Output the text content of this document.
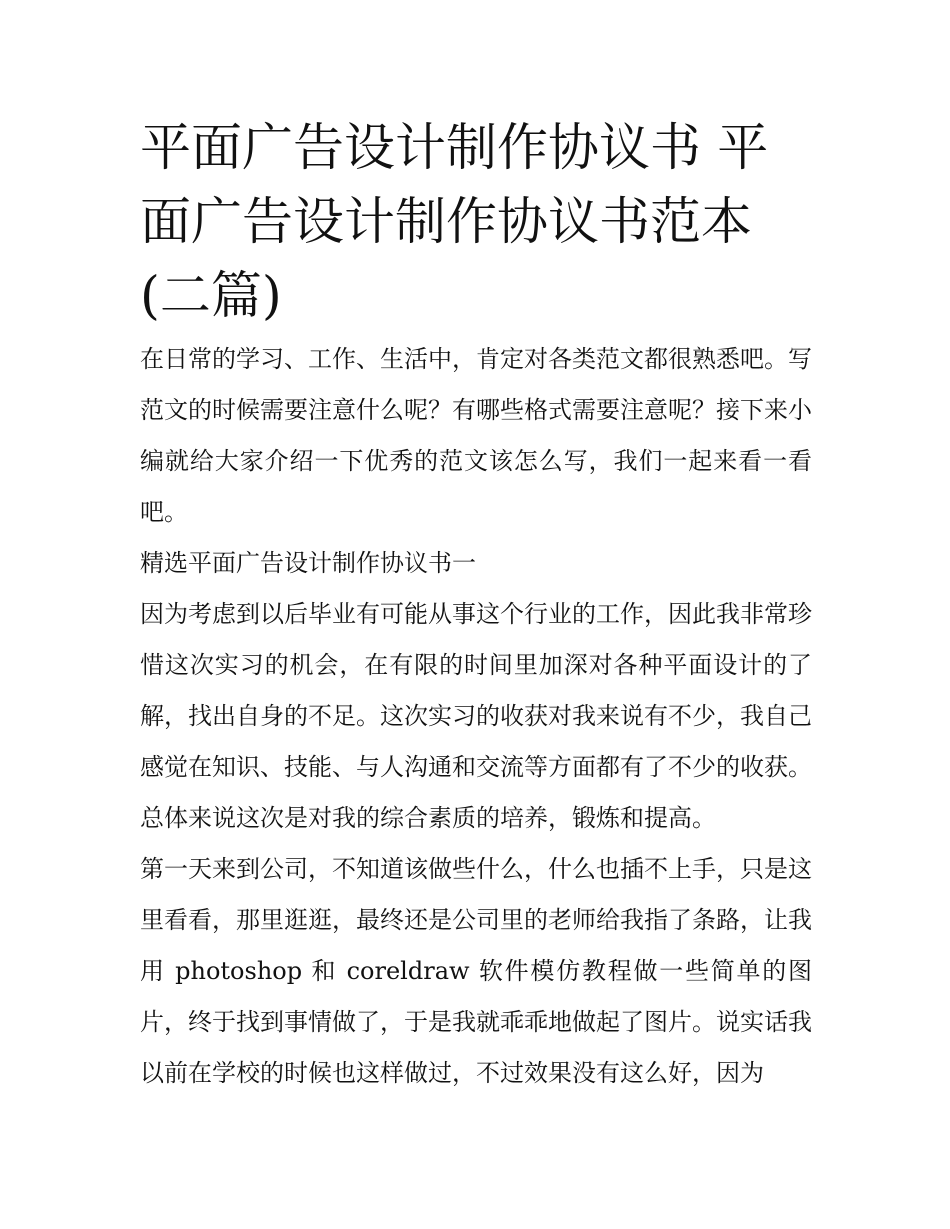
平面广告设计制作协议书 平面广告设计制作协议书范本(二篇)

在日常的学习、工作、生活中，肯定对各类范文都很熟悉吧。写范文的时候需要注意什么呢？有哪些格式需要注意呢？接下来小编就给大家介绍一下优秀的范文该怎么写，我们一起来看一看吧。

精选平面广告设计制作协议书一

因为考虑到以后毕业有可能从事这个行业的工作，因此我非常珍惜这次实习的机会，在有限的时间里加深对各种平面设计的了解，找出自身的不足。这次实习的收获对我来说有不少，我自己感觉在知识、技能、与人沟通和交流等方面都有了不少的收获。总体来说这次是对我的综合素质的培养，锻炼和提高。

第一天来到公司，不知道该做些什么，什么也插不上手，只是这里看看，那里逛逛，最终还是公司里的老师给我指了条路，让我用 photoshop 和 coreldraw 软件模仿教程做一些简单的图片，终于找到事情做了，于是我就乖乖地做起了图片。说实话我以前在学校的时候也这样做过，不过效果没有这么好，因为
